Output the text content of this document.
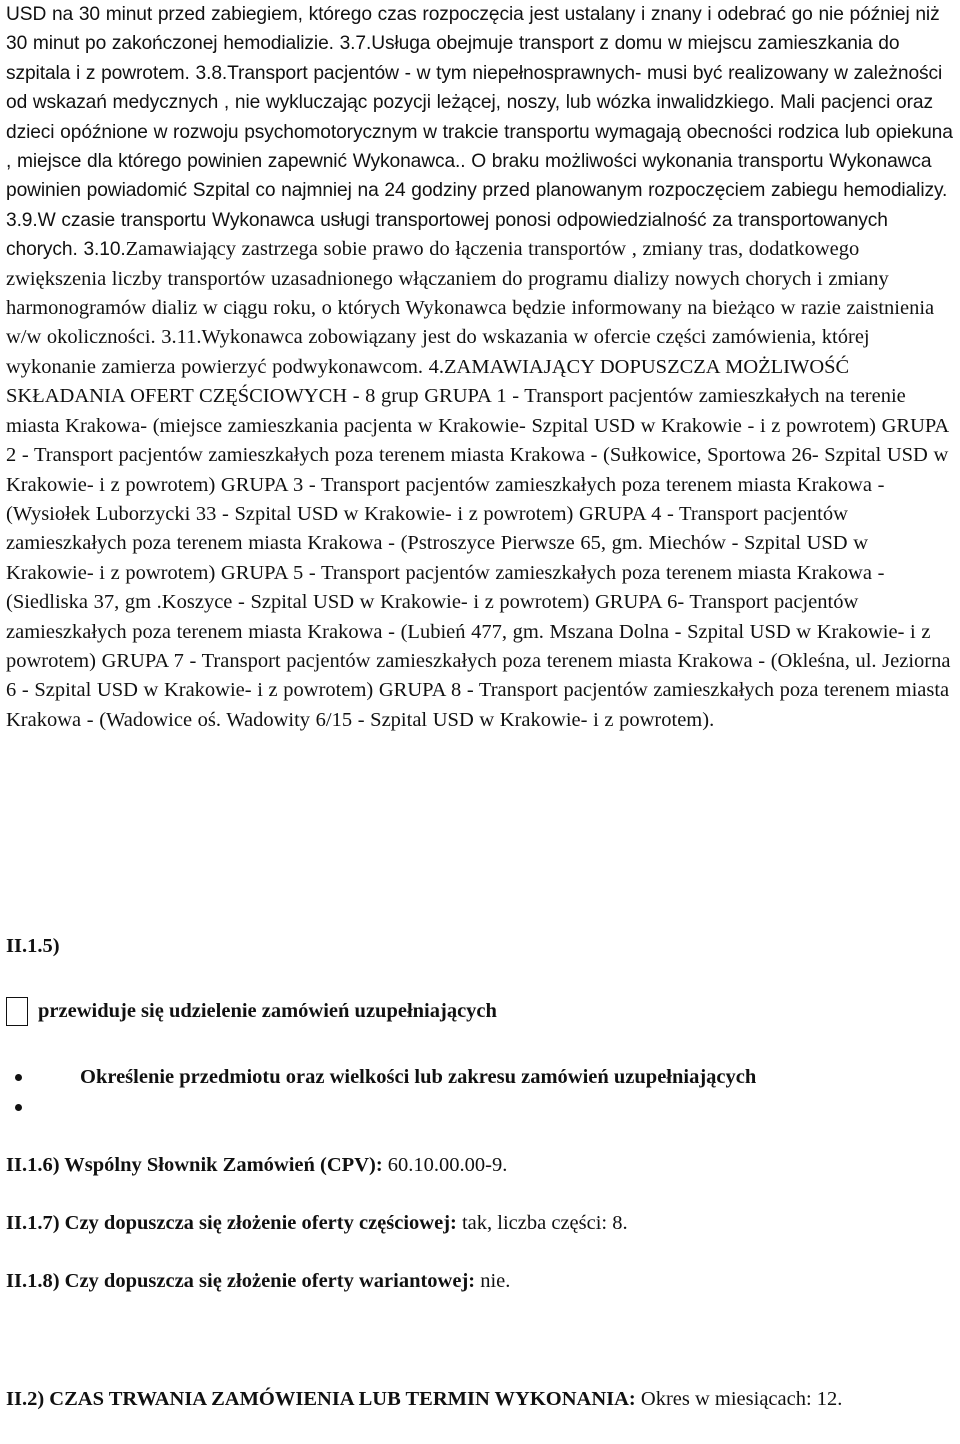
USD na 30 minut przed zabiegiem, którego czas rozpoczęcia jest ustalany i znany i odebrać go nie później niż 30 minut po zakończonej hemodializie. 3.7.Usługa obejmuje transport z domu w miejscu zamieszkania do szpitala i z powrotem. 3.8.Transport pacjentów - w tym niepełnosprawnych- musi być realizowany w zależności od wskazań medycznych , nie wykluczając pozycji leżącej, noszy, lub wózka inwalidzkiego. Mali pacjenci oraz dzieci opóźnione w rozwoju psychomotorycznym w trakcie transportu wymagają obecności rodzica lub opiekuna , miejsce dla którego powinien zapewnić Wykonawca.. O braku możliwości wykonania transportu Wykonawca powinien powiadomić Szpital co najmniej na 24 godziny przed planowanym rozpoczęciem zabiegu hemodializy. 3.9.W czasie transportu Wykonawca usługi transportowej ponosi odpowiedzialność za transportowanych chorych. 3.10.Zamawiający zastrzega sobie prawo do łączenia transportów , zmiany tras, dodatkowego zwiększenia liczby transportów uzasadnionego włączaniem do programu dializy nowych chorych i zmiany harmonogramów dializ w ciągu roku, o których Wykonawca będzie informowany na bieżąco w razie zaistnienia w/w okoliczności. 3.11.Wykonawca zobowiązany jest do wskazania w ofercie części zamówienia, której wykonanie zamierza powierzyć podwykonawcom. 4.ZAMAWIAJĄCY DOPUSZCZA MOŻLIWOŚĆ SKŁADANIA OFERT CZĘŚCIOWYCH - 8 grup GRUPA 1 - Transport pacjentów zamieszkałych na terenie miasta Krakowa- (miejsce zamieszkania pacjenta w Krakowie- Szpital USD w Krakowie - i z powrotem) GRUPA 2 - Transport pacjentów zamieszkałych poza terenem miasta Krakowa - (Sułkowice, Sportowa 26- Szpital USD w Krakowie- i z powrotem) GRUPA 3 - Transport pacjentów zamieszkałych poza terenem miasta Krakowa - (Wysiołek Luborzycki 33 - Szpital USD w Krakowie- i z powrotem) GRUPA 4 - Transport pacjentów zamieszkałych poza terenem miasta Krakowa - (Pstroszyce Pierwsze 65, gm. Miechów - Szpital USD w Krakowie- i z powrotem) GRUPA 5 - Transport pacjentów zamieszkałych poza terenem miasta Krakowa - (Siedliska 37, gm .Koszyce - Szpital USD w Krakowie- i z powrotem) GRUPA 6- Transport pacjentów zamieszkałych poza terenem miasta Krakowa - (Lubień 477, gm. Mszana Dolna - Szpital USD w Krakowie- i z powrotem) GRUPA 7 - Transport pacjentów zamieszkałych poza terenem miasta Krakowa - (Okleśna, ul. Jeziorna 6 - Szpital USD w Krakowie- i z powrotem) GRUPA 8 - Transport pacjentów zamieszkałych poza terenem miasta Krakowa - (Wadowice oś. Wadowity 6/15 - Szpital USD w Krakowie- i z powrotem).
II.1.5)
przewiduje się udzielenie zamówień uzupełniających
Określenie przedmiotu oraz wielkości lub zakresu zamówień uzupełniających
II.1.6) Wspólny Słownik Zamówień (CPV): 60.10.00.00-9.
II.1.7) Czy dopuszcza się złożenie oferty częściowej: tak, liczba części: 8.
II.1.8) Czy dopuszcza się złożenie oferty wariantowej: nie.
II.2) CZAS TRWANIA ZAMÓWIENIA LUB TERMIN WYKONANIA: Okres w miesiącach: 12.
